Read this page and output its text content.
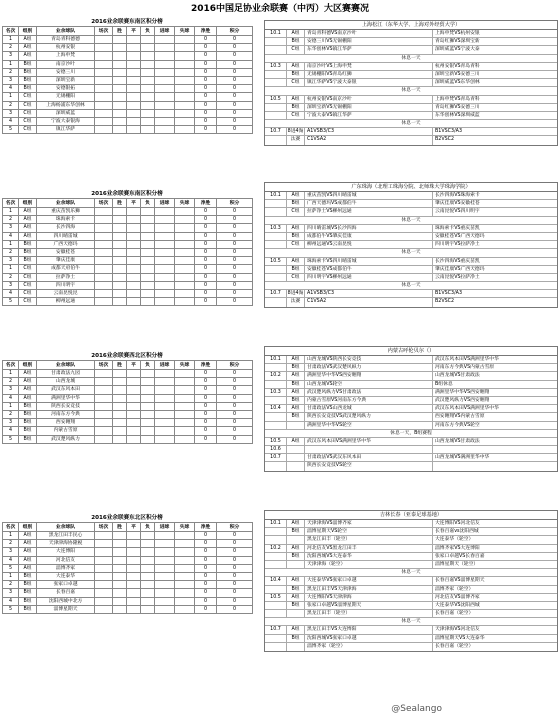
2016中国足协业余联赛（中丙）大区赛赛况
2016业余联赛东南区积分榜
名次	组别	业余球队	场次	胜	平	负	进球	失球	净胜	积分
1	A组	青岛青科德德							0	0
2	A组	杭州安银							0	0
3	A组	上海申梵							0	0
1	B组	南京沙叶							0	0
2	B组	安德三川							0	0
3	B组	深圳宝新							0	0
4	B组	安德银拓							0	0
1	C组	无锡棚阳							0	0
2	C组	上海杨浦东华创林							0	0
3	C组	深圳威蓝							0	0
4	C组	宁波大泰银海							0	0
5	C组	镇江华萨							0	0
2016业余联赛东南区积分榜
名次	组别	业余球队	场次	胜	平	负	进球	失球	净胜	积分
1	A组	重庆苗凯乐狮							0	0
2	A组	珠海索卡							0	0
3	A组	长沙四海							0	0
4	A组	四川晴雷城							0	0
1	B组	广西天德玛							0	0
2	B组	安徽桂苍							0	0
3	B组	肇庆佳康							0	0
1	C组	成都天府伯牛							0	0
2	C组	拉萨净土							0	0
3	C组	四川明宇							0	0
4	C组	云南昆悦昆							0	0
5	C组	柳州远通							0	0
2016业余联赛西北区积分榜
名次	组别	业余球队	场次	胜	平	负	进球	失球	净胜	积分
1	A组	甘肃政法九园							0	0
2	A组	山西龙城							0	0
3	A组	武汉东风本田							0	0
4	A组	满洲里华中华							0	0
1	B组	陕西长安竞技							0	0
2	B组	河南东方今典							0	0
3	B组	西安翱翔							0	0
4	B组	内蒙古雪原							0	0
5	B组	武汉楚风纵力							0	0
2016业余联赛东北区积分榜
名次	组别	业余球队	场次	胜	平	负	进球	失球	净胜	积分
1	A组	黑龙江田丰民心							0	0
2	A组	天津津海协隆税							0	0
3	A组	大连博阳							0	0
4	A组	河北信友							0	0
5	A组	淄博齐家							0	0
1	B组	大连泰华							0	0
2	B组	张家口卓越							0	0
3	B组	长春百嘉							0	0
4	B组	沈阳西城中北方							0	0
5	B组	淄博星期天							0	0
上海松江（东华大学、上海对外经贸大学）
10.1	A组	青岛青科德VS南京沙叶	上海申梵VS杭州安银
B组	安德三川VS无锡棚阳	青岛红狮VS深圳宝新
C组	东华创林VS镇江华萨	深圳威蓝VS宁波大泰
休息一天
10.3	A组	南京沙叶VS上海申梵	杭州安银VS青岛青科
B组	无锡棚阳VS青岛红狮	深圳宝新VS安德三川
C组	镇江华萨VS宁波大泰银	深圳威蓝VS东华创林
休息一天
10.5	A组	杭州安银VS南京沙叶	上海申梵VS青岛青科
B组	深圳宝新VS无锡棚阳	青岛红狮VS安德三川
C组	宁波大泰VS镇江华萨	东华创林VS深圳威蓝
休息一天
10.7	8进4淘汰赛
A1VSB3/C3	B1VSC3/A3
C1VSA2	B2VSC2
广东珠海（北理工珠海分院、北师珠大学珠海学院）
10.1	A组	重庆苗凯VS四川晴雷城	长沙四海VS珠海索卡
B组	广西天德玛VS成都伯牛	肇庆佳康VS安徽桂苍
C组	拉萨净土VS柳州远通	云南昆悦VS四川明宇
休息一天
10.3	A组	四川晴雷城VS长沙四海	珠海索卡VS重庆苗凯
B组	成都伯牛VS肇庆佳康	安徽桂苍VS广西天德玛
C组	柳州远通VS云南昆悦	四川明宇VS拉萨净土
休息一天
10.5	A组	珠海索卡VS四川晴雷城	长沙四海VS重庆苗凯
B组	安徽桂苍VS成都伯牛	肇庆佳康VS广西天德玛
C组	四川明宇VS柳州远通	云南昆悦VS拉萨净土
休息一天
10.7	8进4淘汰赛
A1VSB3/C3	B1VSC3/A3
C1VSA2	B2VSC2
内蒙古呼伦贝尔（）
10.1	A组	山西龙城VS陕西长安竞技	武汉东风本田VS满洲里华中华
B组	甘肃政法VS武汉楚风纵力	河南东方今典VS内蒙古雪原
10.2	A组	满洲里华中华VS西安翱翔	山西龙城VS甘肃政法
B组	山西龙城VS轮空	B组休息
10.3	A组	武汉楚风纵力VS甘肃政法	满洲里华中华VS西安翱翔
B组	内蒙古雪原VS河南东方今典	武汉楚风纵力VS西安翱翔
10.4	A组	甘肃政法VS山西龙城	武汉东风本田VS满洲里华中华
B组	陕西长安竞技VS武汉楚风纵力	西安翱翔VS内蒙古雪原
满洲里华中华VS轮空	河南东方今典VS轮空
休息一天，B组赛程
10.5	A组	武汉东风本田VS满洲里华中华	山西龙城VS甘肃政法
10.6
10.7	甘肃政法VS武汉东风本田	山西龙城VS满洲里华中华
陕西长安竞技VS轮空
吉林长春（亚泰足球基地）
10.1	A组	天津津海VS淄博齐家	大连博阳VS河北信友
B组	淄博星期天VS轮空	长春百嘉vs沈阳西城
黑龙江田丰（轮空）	大连泰华（轮空）
10.2	A组	河北信友VS黑龙江田丰	淄博齐家VS大连博阳
B组	沈阳西城VS大连泰华	张家口卓越VS长春百嘉
天津津海（轮空）	淄博星期天（轮空）
休息一天
10.4	A组	大连泰华VS张家口卓越	长春百嘉VS淄博星期天
B组	黑龙江田丰VS天津津海	淄博齐家（轮空）
10.5	A组	大连博阳VS天津津海	河北信友VS淄博齐家
B组	张家口卓越VS淄博星期天	大连泰华VS沈阳西城
黑龙江田丰（轮空）	长春百嘉（轮空）
休息一天
10.7	A组	黑龙江田丰VS大连博阳	天津津海VS河北信友
B组	沈阳西城VS张家口卓越	淄博星期天VS大连泰华
淄博齐家（轮空）	长春百嘉（轮空）
@Sealango
